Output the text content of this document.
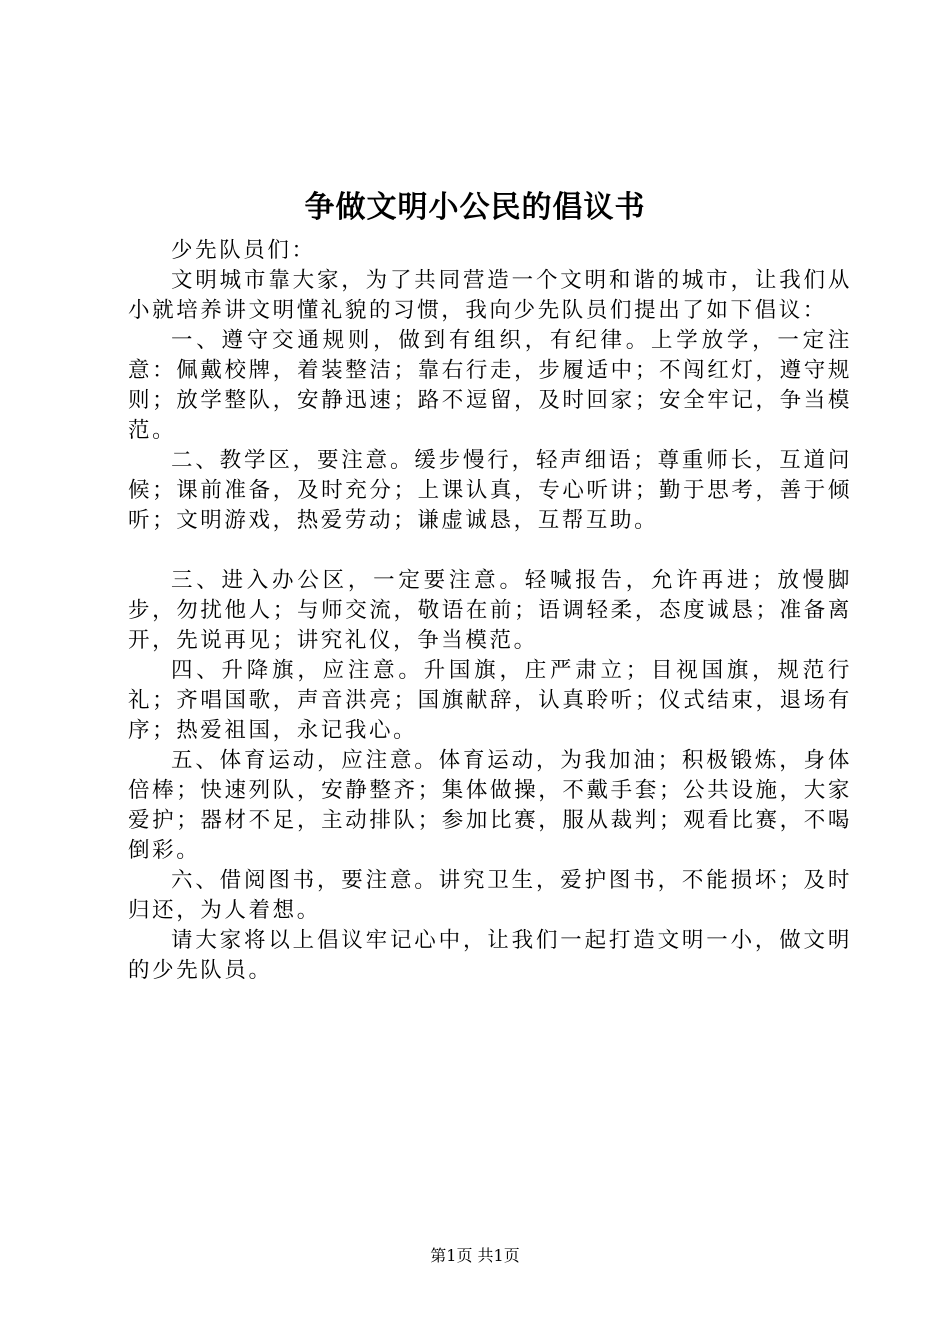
争做文明小公民的倡议书

少先队员们：

文明城市靠大家，为了共同营造一个文明和谐的城市，让我们从小就培养讲文明懂礼貌的习惯，我向少先队员们提出了如下倡议：

一、遵守交通规则，做到有组织，有纪律。上学放学，一定注意：佩戴校牌，着装整洁；靠右行走，步履适中；不闯红灯，遵守规则；放学整队，安静迅速；路不逗留，及时回家；安全牢记，争当模范。

二、教学区，要注意。缓步慢行，轻声细语；尊重师长，互道问候；课前准备，及时充分；上课认真，专心听讲；勤于思考，善于倾听；文明游戏，热爱劳动；谦虚诚恳，互帮互助。

三、进入办公区，一定要注意。轻喊报告，允许再进；放慢脚步，勿扰他人；与师交流，敬语在前；语调轻柔，态度诚恳；准备离开，先说再见；讲究礼仪，争当模范。

四、升降旗，应注意。升国旗，庄严肃立；目视国旗，规范行礼；齐唱国歌，声音洪亮；国旗献辞，认真聆听；仪式结束，退场有序；热爱祖国，永记我心。

五、体育运动，应注意。体育运动，为我加油；积极锻炼，身体倍棒；快速列队，安静整齐；集体做操，不戴手套；公共设施，大家爱护；器材不足，主动排队；参加比赛，服从裁判；观看比赛，不喝倒彩。

六、借阅图书，要注意。讲究卫生，爱护图书，不能损坏；及时归还，为人着想。

请大家将以上倡议牢记心中，让我们一起打造文明一小，做文明的少先队员。

第1页 共1页
